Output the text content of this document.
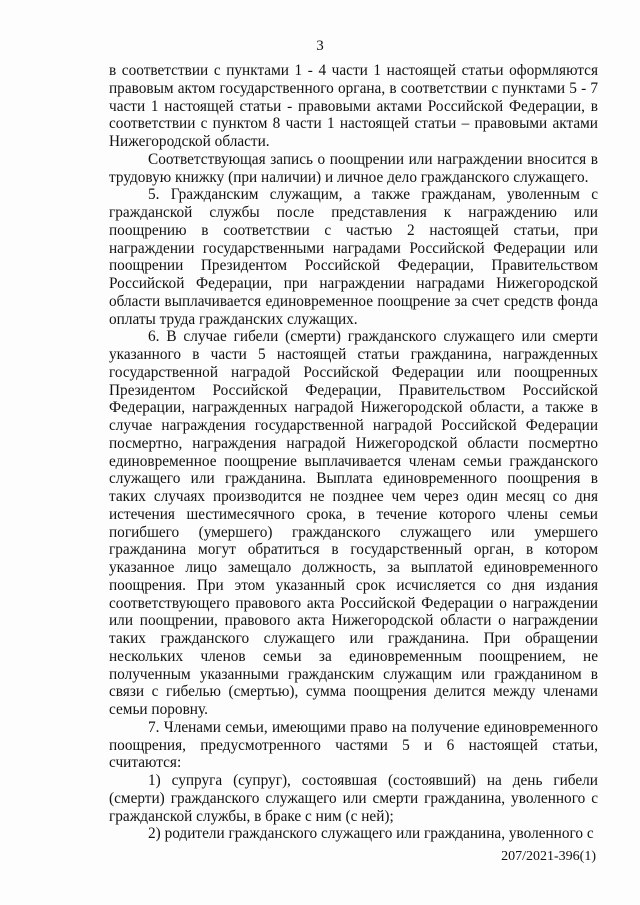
3

в соответствии с пунктами 1 - 4 части 1 настоящей статьи оформляются правовым актом государственного органа, в соответствии с пунктами 5 - 7 части 1 настоящей статьи - правовыми актами Российской Федерации, в соответствии с пунктом 8 части 1 настоящей статьи – правовыми актами Нижегородской области.

Соответствующая запись о поощрении или награждении вносится в трудовую книжку (при наличии) и личное дело гражданского служащего.

5. Гражданским служащим, а также гражданам, уволенным с гражданской службы после представления к награждению или поощрению в соответствии с частью 2 настоящей статьи, при награждении государственными наградами Российской Федерации или поощрении Президентом Российской Федерации, Правительством Российской Федерации, при награждении наградами Нижегородской области выплачивается единовременное поощрение за счет средств фонда оплаты труда гражданских служащих.

6. В случае гибели (смерти) гражданского служащего или смерти указанного в части 5 настоящей статьи гражданина, награжденных государственной наградой Российской Федерации или поощренных Президентом Российской Федерации, Правительством Российской Федерации, награжденных наградой Нижегородской области, а также в случае награждения государственной наградой Российской Федерации посмертно, награждения наградой Нижегородской области посмертно единовременное поощрение выплачивается членам семьи гражданского служащего или гражданина. Выплата единовременного поощрения в таких случаях производится не позднее чем через один месяц со дня истечения шестимесячного срока, в течение которого члены семьи погибшего (умершего) гражданского служащего или умершего гражданина могут обратиться в государственный орган, в котором указанное лицо замещало должность, за выплатой единовременного поощрения. При этом указанный срок исчисляется со дня издания соответствующего правового акта Российской Федерации о награждении или поощрении, правового акта Нижегородской области о награждении таких гражданского служащего или гражданина. При обращении нескольких членов семьи за единовременным поощрением, не полученным указанными гражданским служащим или гражданином в связи с гибелью (смертью), сумма поощрения делится между членами семьи поровну.

7. Членами семьи, имеющими право на получение единовременного поощрения, предусмотренного частями 5 и 6 настоящей статьи, считаются:

1) супруга (супруг), состоявшая (состоявший) на день гибели (смерти) гражданского служащего или смерти гражданина, уволенного с гражданской службы, в браке с ним (с ней);

2) родители гражданского служащего или гражданина, уволенного с

207/2021-396(1)
